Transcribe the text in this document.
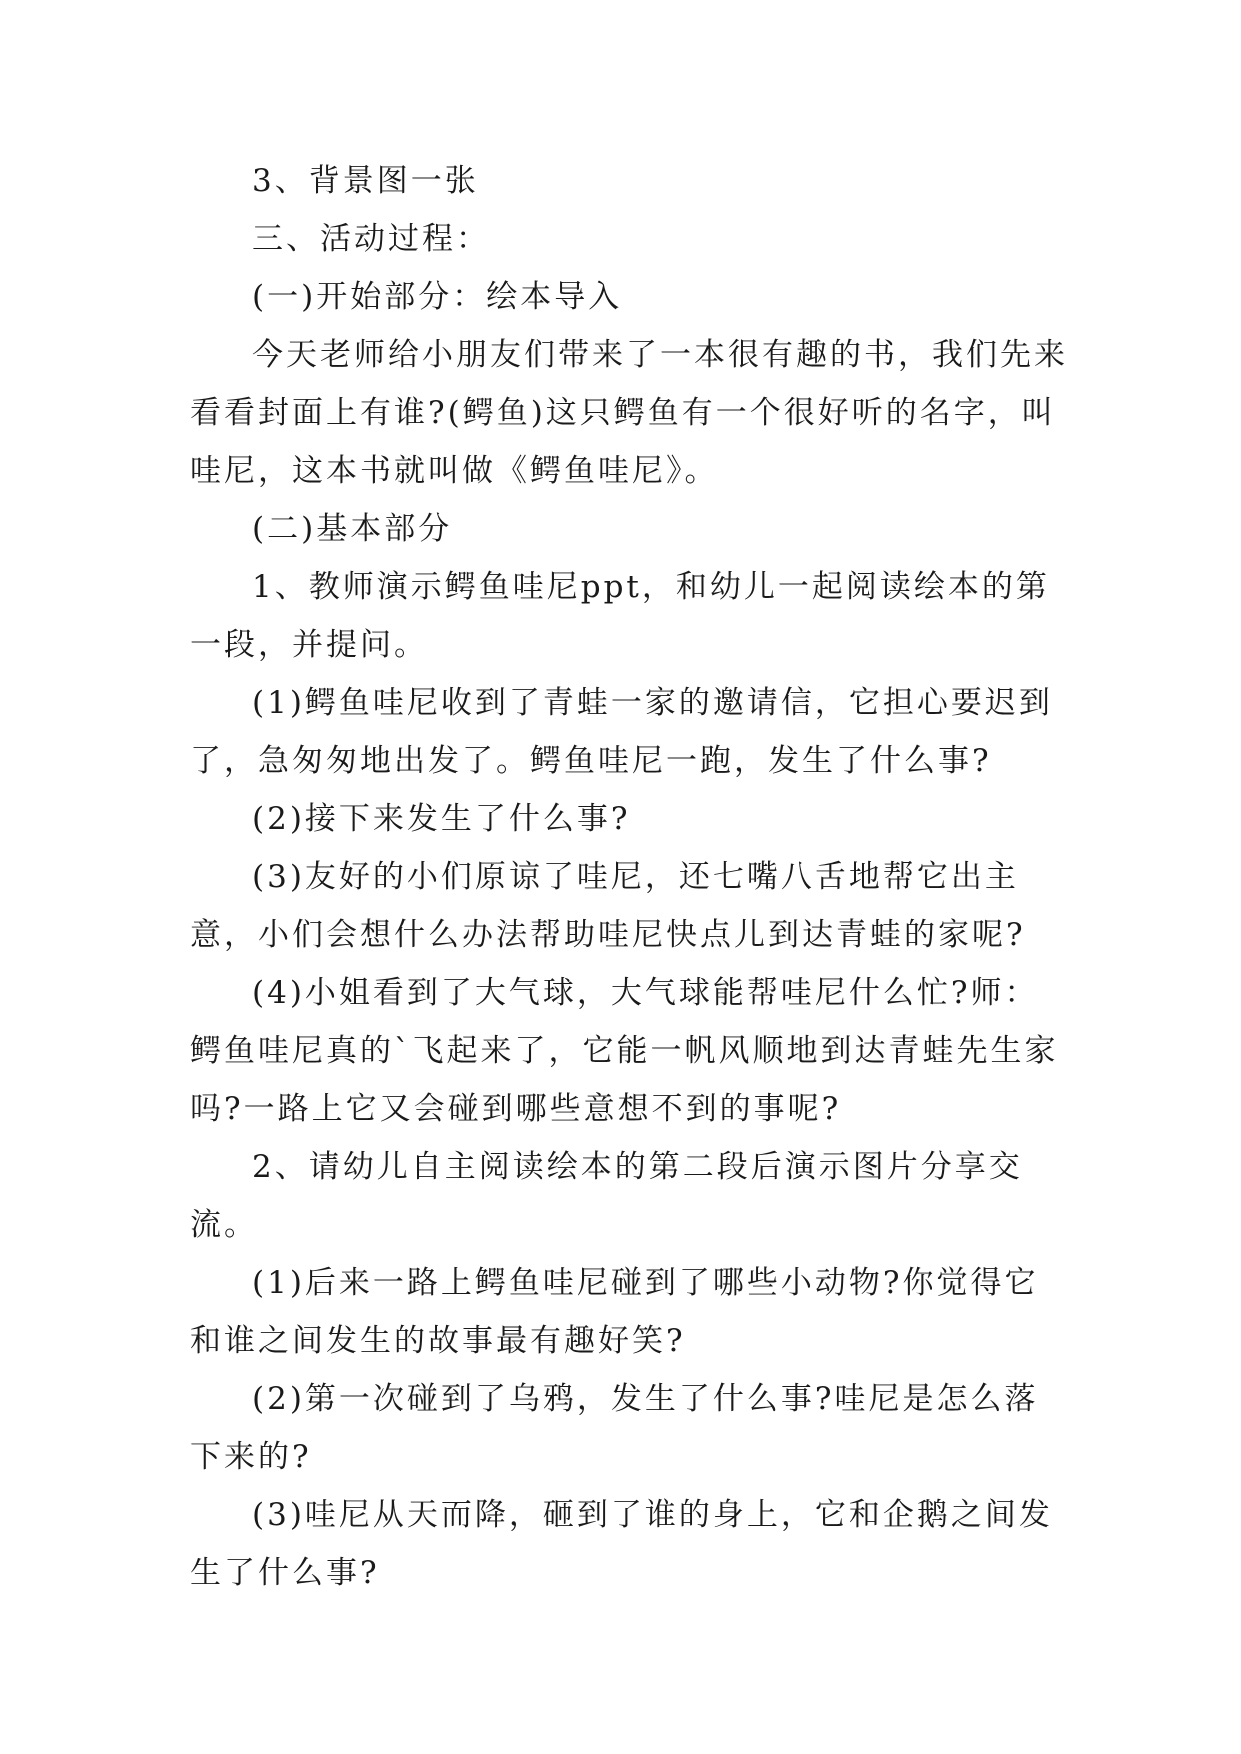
3、背景图一张

三、活动过程：

(一)开始部分：绘本导入

今天老师给小朋友们带来了一本很有趣的书，我们先来看看封面上有谁?(鳄鱼)这只鳄鱼有一个很好听的名字，叫哇尼，这本书就叫做《鳄鱼哇尼》。

(二)基本部分

1、教师演示鳄鱼哇尼ppt，和幼儿一起阅读绘本的第一段，并提问。

(1)鳄鱼哇尼收到了青蛙一家的邀请信，它担心要迟到了，急匆匆地出发了。鳄鱼哇尼一跑，发生了什么事?

(2)接下来发生了什么事?

(3)友好的小们原谅了哇尼，还七嘴八舌地帮它出主意，小们会想什么办法帮助哇尼快点儿到达青蛙的家呢?

(4)小姐看到了大气球，大气球能帮哇尼什么忙?师：鳄鱼哇尼真的`飞起来了，它能一帆风顺地到达青蛙先生家吗?一路上它又会碰到哪些意想不到的事呢?

2、请幼儿自主阅读绘本的第二段后演示图片分享交流。

(1)后来一路上鳄鱼哇尼碰到了哪些小动物?你觉得它和谁之间发生的故事最有趣好笑?

(2)第一次碰到了乌鸦，发生了什么事?哇尼是怎么落下来的?

(3)哇尼从天而降，砸到了谁的身上，它和企鹅之间发生了什么事?
